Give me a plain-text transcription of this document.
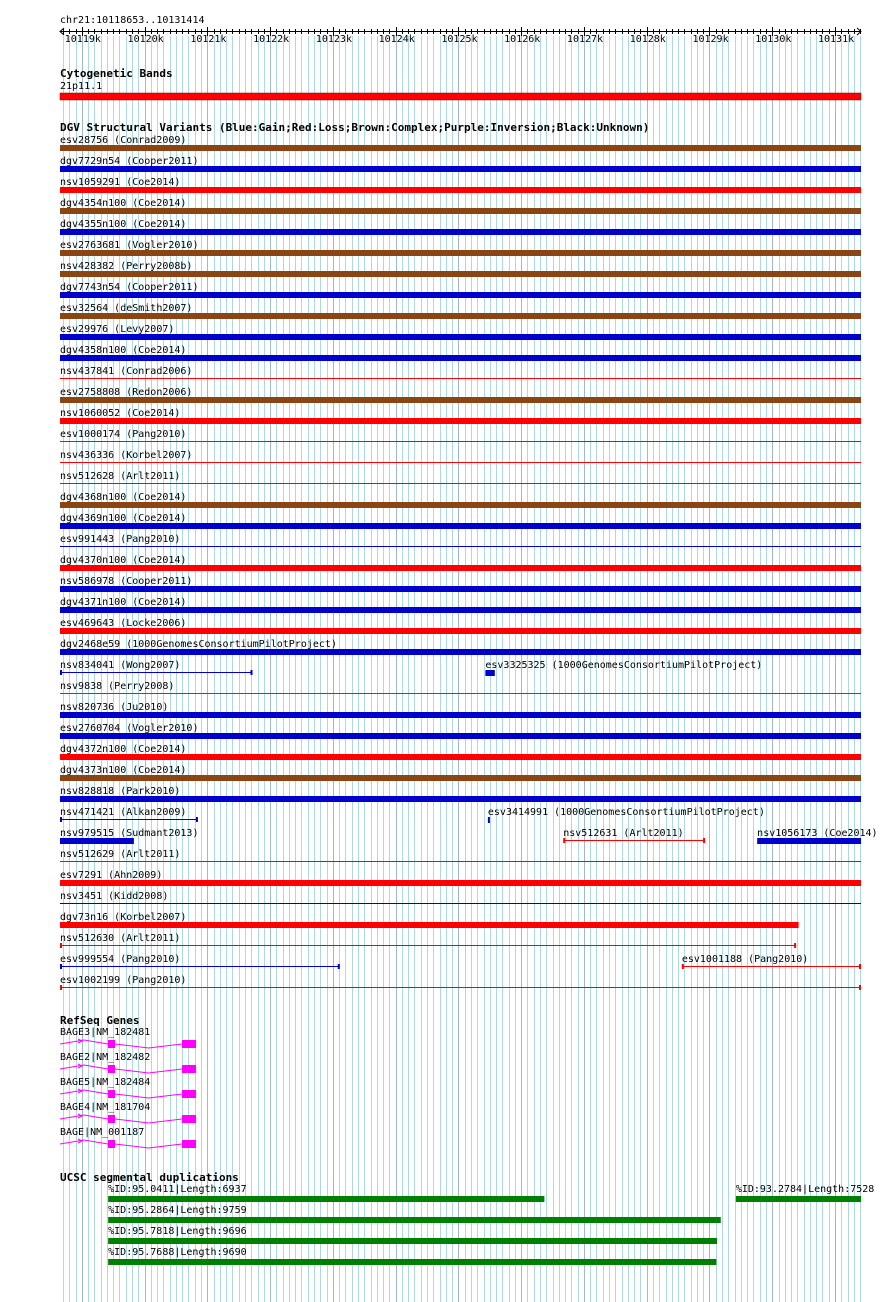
chr21:10118653..10131414
Cytogenetic Bands
21p11.1
DGV Structural Variants (Blue:Gain;Red:Loss;Brown:Complex;Purple:Inversion;Black:Unknown)
RefSeq Genes
UCSC segmental duplications
10119k	10120k	10121k	10122k	10123k	10124k	10125k	10126k	10127k	10128k	10129k	10130k	10131k
esv28756 (Conrad2009)
dgv7729n54 (Cooper2011)
nsv1059291 (Coe2014)
dgv4354n100 (Coe2014)
dgv4355n100 (Coe2014)
esv2763681 (Vogler2010)
nsv428382 (Perry2008b)
dgv7743n54 (Cooper2011)
esv32564 (deSmith2007)
esv29976 (Levy2007)
dgv4358n100 (Coe2014)
nsv437841 (Conrad2006)
esv2758808 (Redon2006)
nsv1060052 (Coe2014)
esv1000174 (Pang2010)
nsv436336 (Korbel2007)
nsv512628 (Arlt2011)
dgv4368n100 (Coe2014)
dgv4369n100 (Coe2014)
esv991443 (Pang2010)
dgv4370n100 (Coe2014)
nsv586978 (Cooper2011)
dgv4371n100 (Coe2014)
esv469643 (Locke2006)
dgv2468e59 (1000GenomesConsortiumPilotProject)
nsv834041 (Wong2007)	esv3325325 (1000GenomesConsortiumPilotProject)
nsv9838 (Perry2008)
nsv820736 (Ju2010)
esv2760704 (Vogler2010)
dgv4372n100 (Coe2014)
dgv4373n100 (Coe2014)
nsv828818 (Park2010)
nsv471421 (Alkan2009)	esv3414991 (1000GenomesConsortiumPilotProject)
nsv979515 (Sudmant2013)	nsv512631 (Arlt2011)	nsv1056173 (Coe2014)
nsv512629 (Arlt2011)
esv7291 (Ahn2009)
nsv3451 (Kidd2008)
dgv73n16 (Korbel2007)
nsv512630 (Arlt2011)
esv999554 (Pang2010)	esv1001188 (Pang2010)
esv1002199 (Pang2010)
BAGE3|NM_182481
BAGE2|NM_182482
BAGE5|NM_182484
BAGE4|NM_181704
BAGE|NM_001187
%ID:95.0411|Length:6937	%ID:93.2784|Length:7528
%ID:95.2864|Length:9759
%ID:95.7818|Length:9696
%ID:95.7688|Length:9690
